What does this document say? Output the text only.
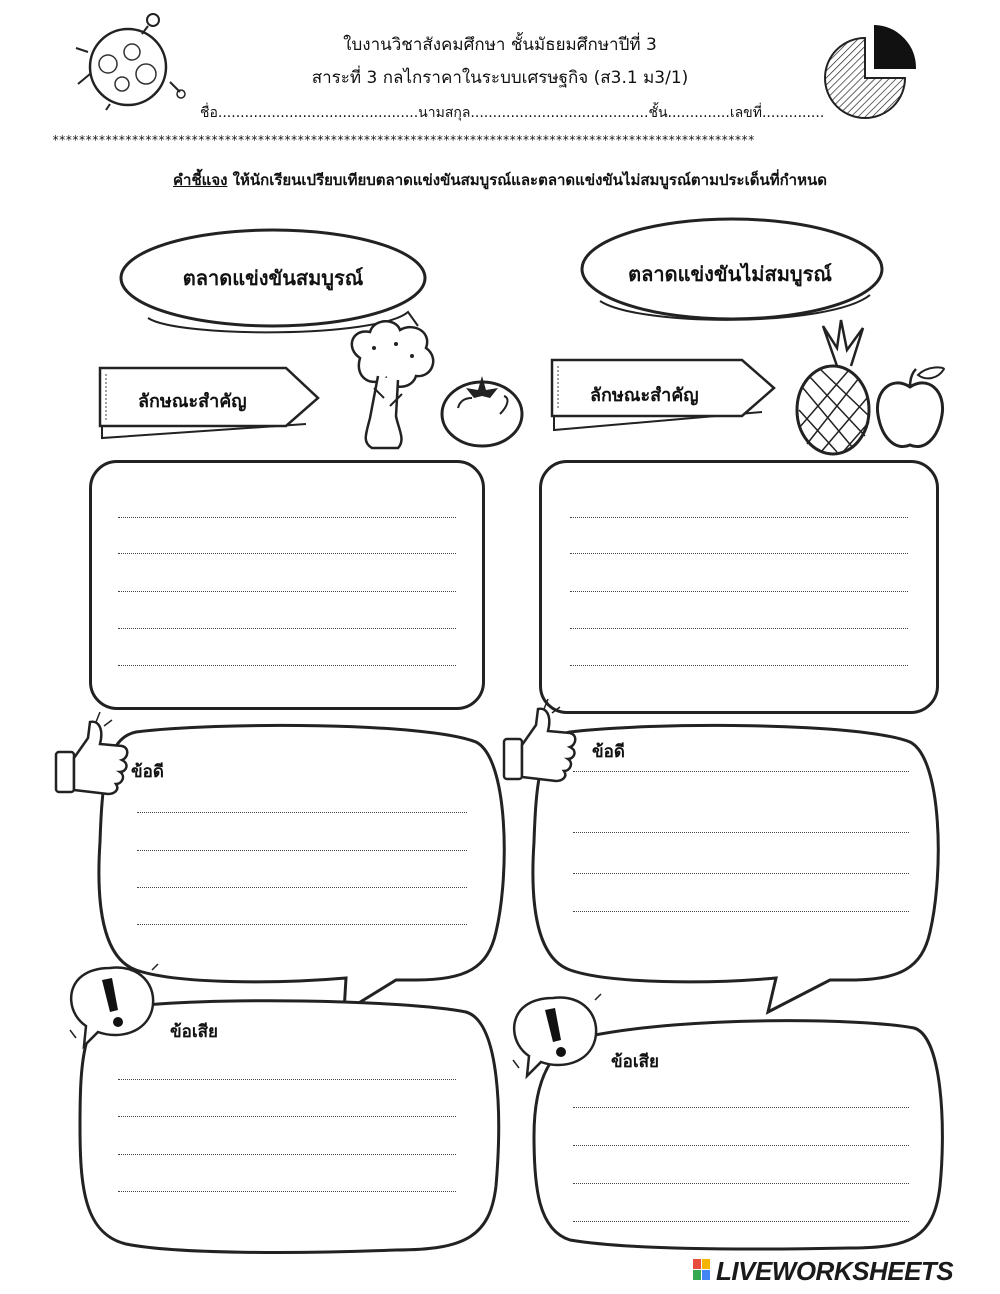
ใบงานวิชาสังคมศึกษา ชั้นมัธยมศึกษาปีที่ 3
สาระที่ 3 กลไกราคาในระบบเศรษฐกิจ (ส3.1 ม3/1)
ชื่อ.............................................นามสกุล........................................ชั้น..............เลขที่..............
**********************************************************************************************************
คำชี้แจง ให้นักเรียนเปรียบเทียบตลาดแข่งขันสมบูรณ์และตลาดแข่งขันไม่สมบูรณ์ตามประเด็นที่กำหนด
ตลาดแข่งขันสมบูรณ์	ตลาดแข่งขันไม่สมบูรณ์
ลักษณะสำคัญ	ลักษณะสำคัญ
ข้อดี
ข้อดี
ข้อเสีย
ข้อเสีย
LIVEWORKSHEETS
